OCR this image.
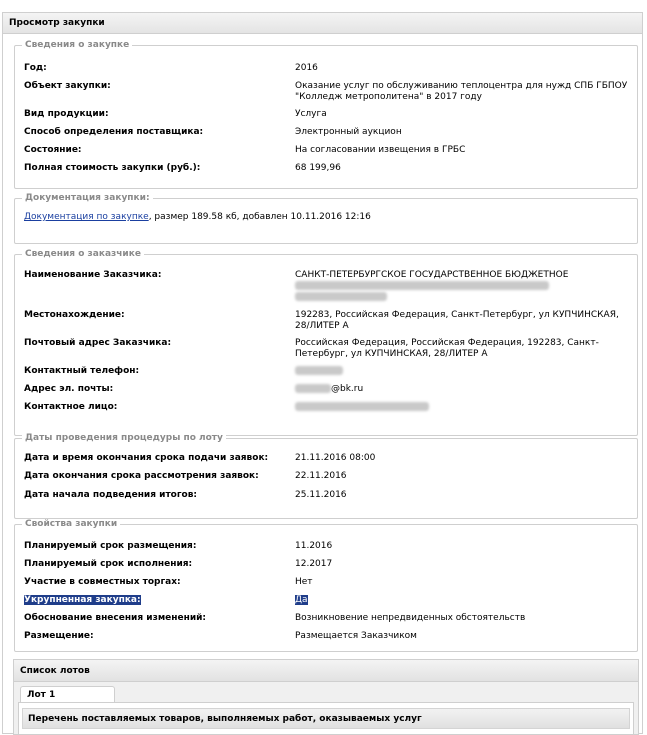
Просмотр закупки
Сведения о закупке
Год:	2016
Объект закупки:	Оказание услуг по обслуживанию теплоцентра для нужд СПБ ГБПОУ "Колледж метрополитена" в 2017 году
Вид продукции:	Услуга
Способ определения поставщика:	Электронный аукцион
Состояние:	На согласовании извещения в ГРБС
Полная стоимость закупки (руб.):	68 199,96
Документация закупки:
Документация по закупке, размер 189.58 кб, добавлен 10.11.2016 12:16
Сведения о заказчике
Наименование Заказчика:	САНКТ-ПЕТЕРБУРГСКОЕ ГОСУДАРСТВЕННОЕ БЮДЖЕТНОЕ

Местонахождение:	192283, Российская Федерация, Санкт-Петербург, ул КУПЧИНСКАЯ, 28/ЛИТЕР А
Почтовый адрес Заказчика:	Российская Федерация, Российская Федерация, 192283, Санкт-Петербург, ул КУПЧИНСКАЯ, 28/ЛИТЕР А
Контактный телефон:
Адрес эл. почты:	@bk.ru
Контактное лицо:
Даты проведения процедуры по лоту
Дата и время окончания срока подачи заявок:	21.11.2016 08:00
Дата окончания срока рассмотрения заявок:	22.11.2016
Дата начала подведения итогов:	25.11.2016
Свойства закупки
Планируемый срок размещения:	11.2016
Планируемый срок исполнения:	12.2017
Участие в совместных торгах:	Нет
Укрупненная закупка:	Да
Обоснование внесения изменений:	Возникновение непредвиденных обстоятельств
Размещение:	Размещается Заказчиком
Список лотов
Лот 1
Перечень поставляемых товаров, выполняемых работ, оказываемых услуг
